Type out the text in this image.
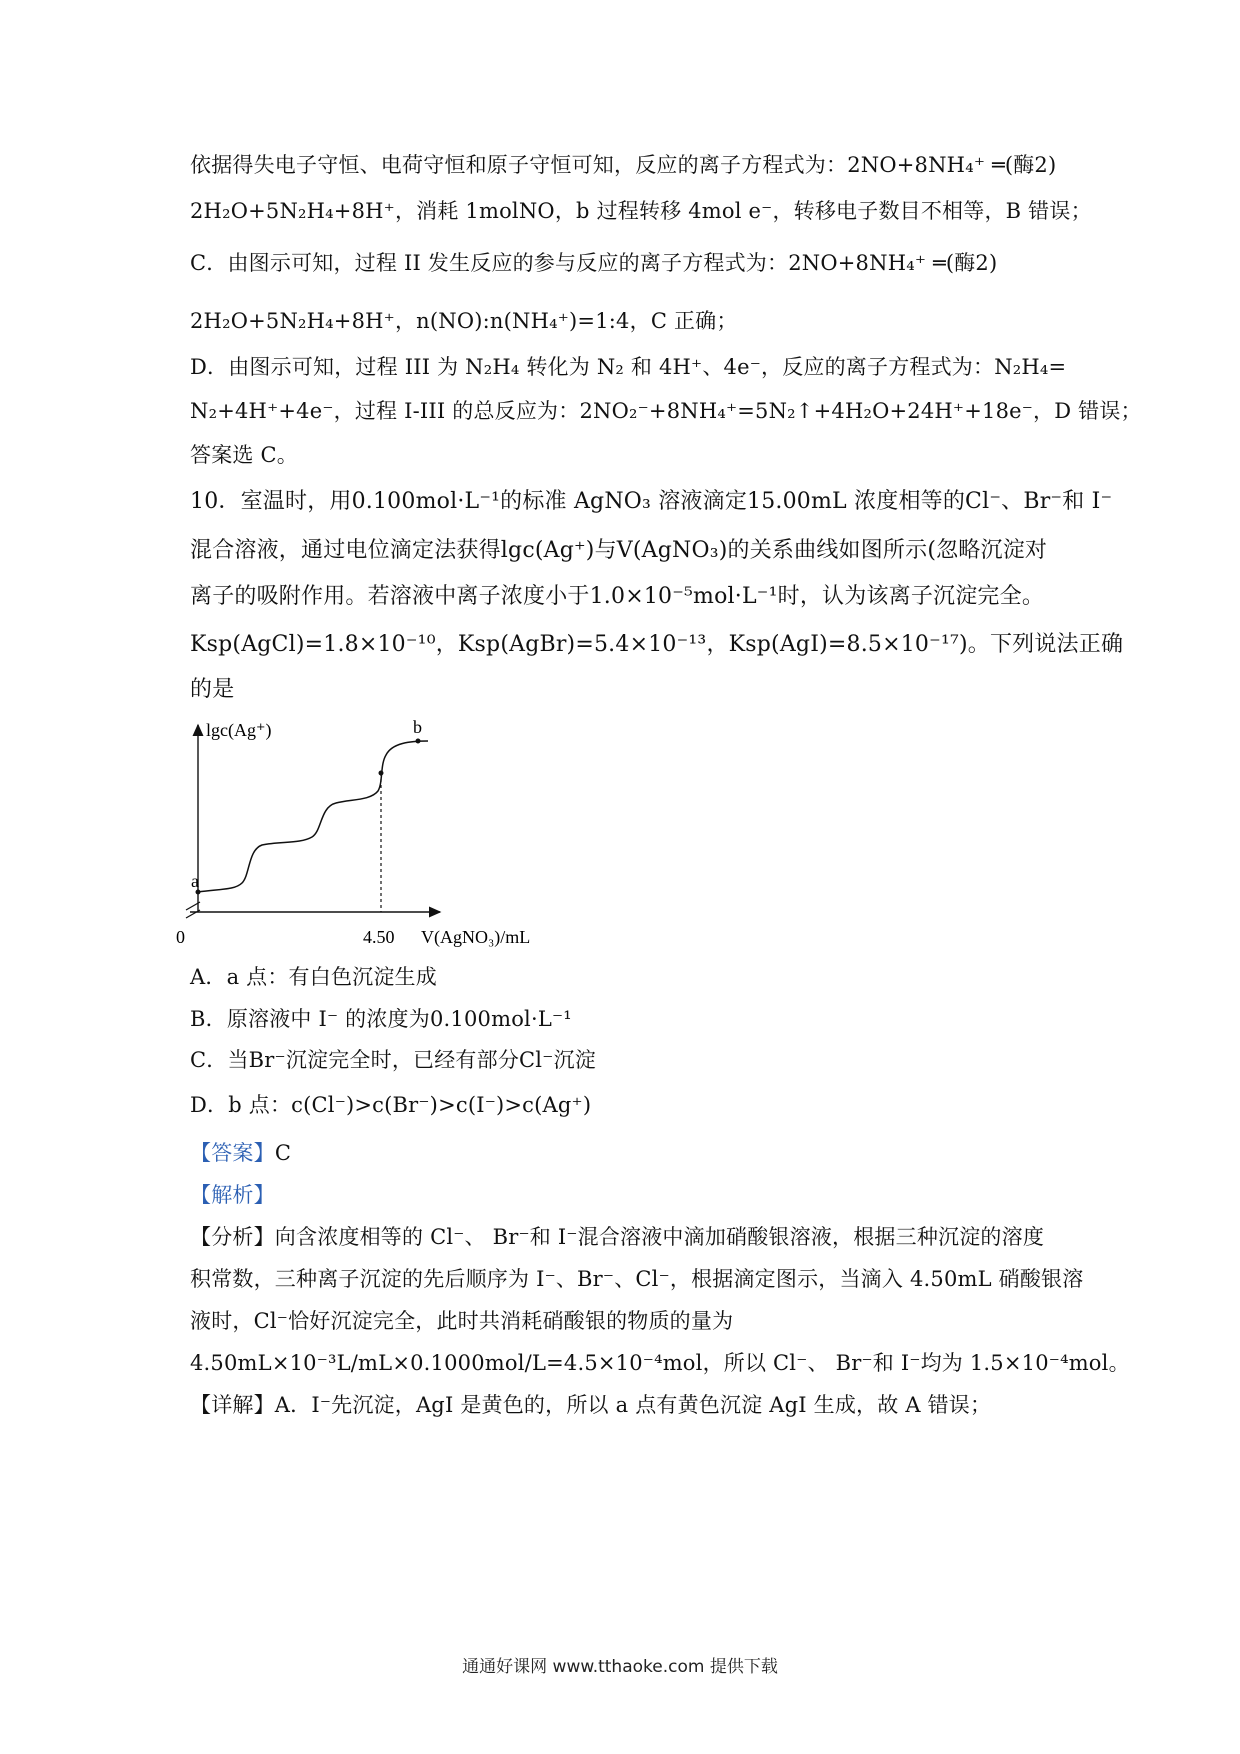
依据得失电子守恒、电荷守恒和原子守恒可知，反应的离子方程式为：2NO+8NH₄⁺ ═(酶2)
2H₂O+5N₂H₄+8H⁺，消耗 1molNO，b 过程转移 4mol e⁻，转移电子数目不相等，B 错误；
C．由图示可知，过程 II 发生反应的参与反应的离子方程式为：2NO+8NH₄⁺ ═(酶2)
2H₂O+5N₂H₄+8H⁺，n(NO):n(NH₄⁺)=1:4，C 正确；
D．由图示可知，过程 III 为 N₂H₄ 转化为 N₂ 和 4H⁺、4e⁻，反应的离子方程式为：N₂H₄=
N₂+4H⁺+4e⁻，过程 I-III 的总反应为：2NO₂⁻+8NH₄⁺=5N₂↑+4H₂O+24H⁺+18e⁻，D 错误；
答案选 C。
10．室温时，用0.100mol·L⁻¹的标准 AgNO₃ 溶液滴定15.00mL 浓度相等的Cl⁻、Br⁻和 I⁻
混合溶液，通过电位滴定法获得lgc(Ag⁺)与V(AgNO₃)的关系曲线如图所示(忽略沉淀对
离子的吸附作用。若溶液中离子浓度小于1.0×10⁻⁵mol·L⁻¹时，认为该离子沉淀完全。
Ksp(AgCl)=1.8×10⁻¹⁰，Ksp(AgBr)=5.4×10⁻¹³，Ksp(AgI)=8.5×10⁻¹⁷)。下列说法正确
的是
a
b
lgc(Ag⁺)
0	4.50 V(AgNO₃)/mL
A．a 点：有白色沉淀生成
B．原溶液中 I⁻ 的浓度为0.100mol·L⁻¹
C．当Br⁻沉淀完全时，已经有部分Cl⁻沉淀
D．b 点：c(Cl⁻)>c(Br⁻)>c(I⁻)>c(Ag⁺)
【答案】C
【解析】
【分析】向含浓度相等的 Cl⁻、 Br⁻和 I⁻混合溶液中滴加硝酸银溶液，根据三种沉淀的溶度
积常数，三种离子沉淀的先后顺序为 I⁻、Br⁻、Cl⁻，根据滴定图示，当滴入 4.50mL 硝酸银溶
液时，Cl⁻恰好沉淀完全，此时共消耗硝酸银的物质的量为
4.50mL×10⁻³L/mL×0.1000mol/L=4.5×10⁻⁴mol，所以 Cl⁻、 Br⁻和 I⁻均为 1.5×10⁻⁴mol。
【详解】A．I⁻先沉淀，AgI 是黄色的，所以 a 点有黄色沉淀 AgI 生成，故 A 错误；
通通好课网 www.tthaoke.com 提供下载
